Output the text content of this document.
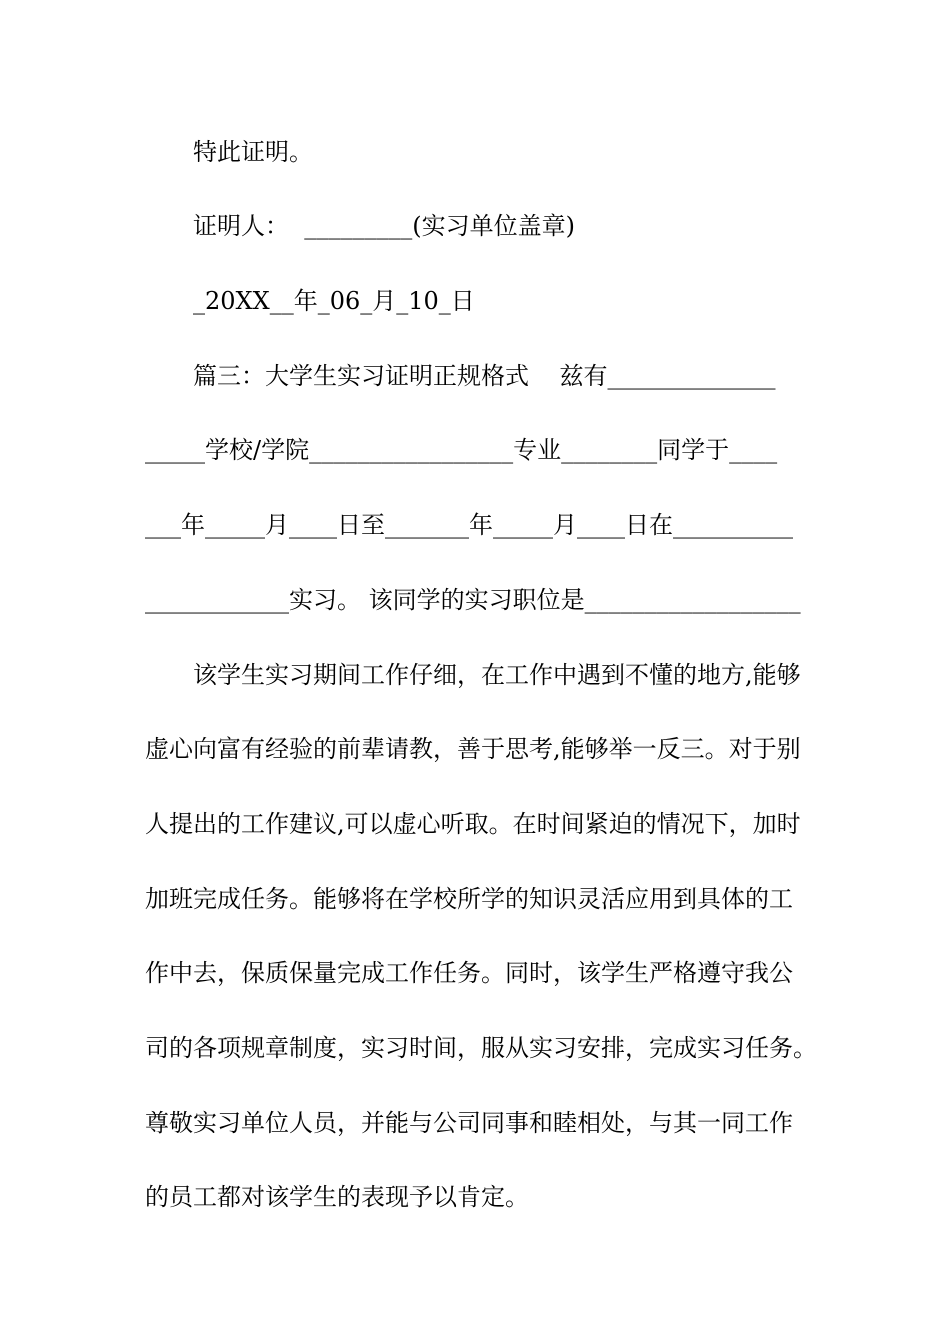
特此证明。
证明人：  _________(实习单位盖章)
_20XX__年_06_月_10_日
篇三：大学生实习证明正规格式    兹有______________
_____学校/学院_________________专业________同学于____
___年_____月____日至_______年_____月____日在__________
____________实习。 该同学的实习职位是__________________
该学生实习期间工作仔细，在工作中遇到不懂的地方,能够
虚心向富有经验的前辈请教，善于思考,能够举一反三。对于别
人提出的工作建议,可以虚心听取。在时间紧迫的情况下，加时
加班完成任务。能够将在学校所学的知识灵活应用到具体的工
作中去，保质保量完成工作任务。同时，该学生严格遵守我公
司的各项规章制度，实习时间，服从实习安排，完成实习任务。
尊敬实习单位人员，并能与公司同事和睦相处，与其一同工作
的员工都对该学生的表现予以肯定。
